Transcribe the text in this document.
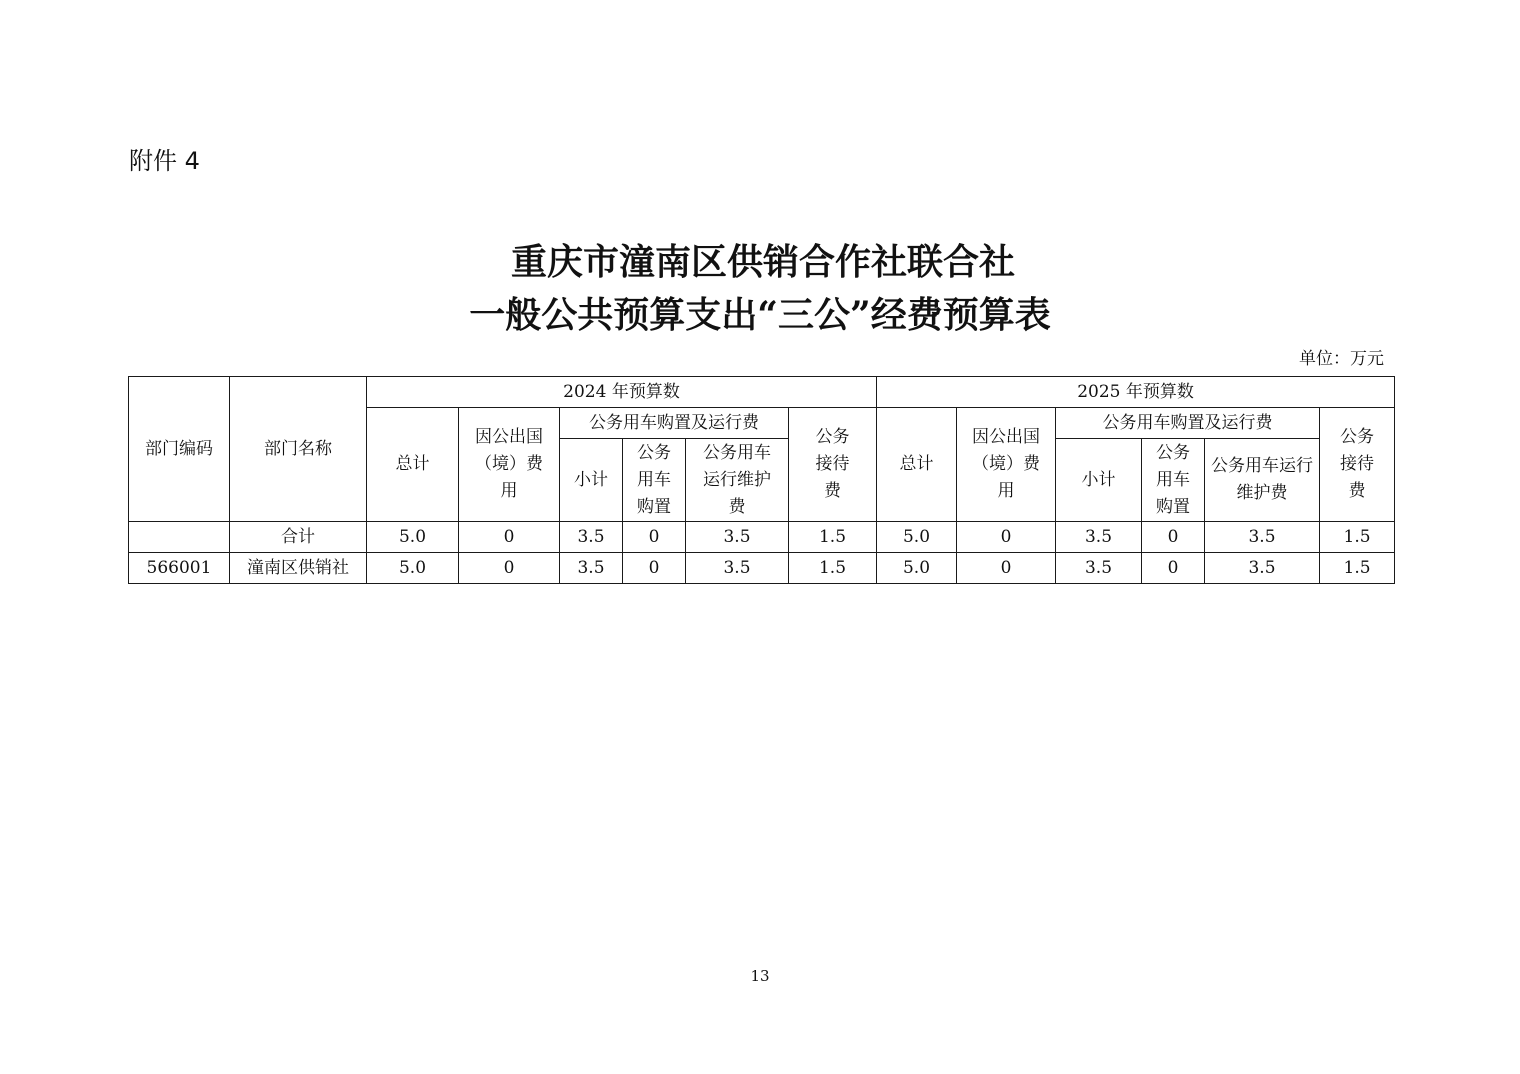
附件 4
重庆市潼南区供销合作社联合社
一般公共预算支出“三公”经费预算表
单位：万元
部门编码	部门名称	2024 年预算数						2025 年预算数					
		总计	因公出国（境）费用	公务用车购置及运行费			公务接待费	总计	因公出国（境）费用	公务用车购置及运行费			公务接待费
				小计	公务用车购置	公务用车运行维护费				小计	公务用车购置	公务用车运行维护费	
	合计	5.0	0	3.5	0	3.5	1.5	5.0	0	3.5	0	3.5	1.5
566001	潼南区供销社	5.0	0	3.5	0	3.5	1.5	5.0	0	3.5	0	3.5	1.5
13
